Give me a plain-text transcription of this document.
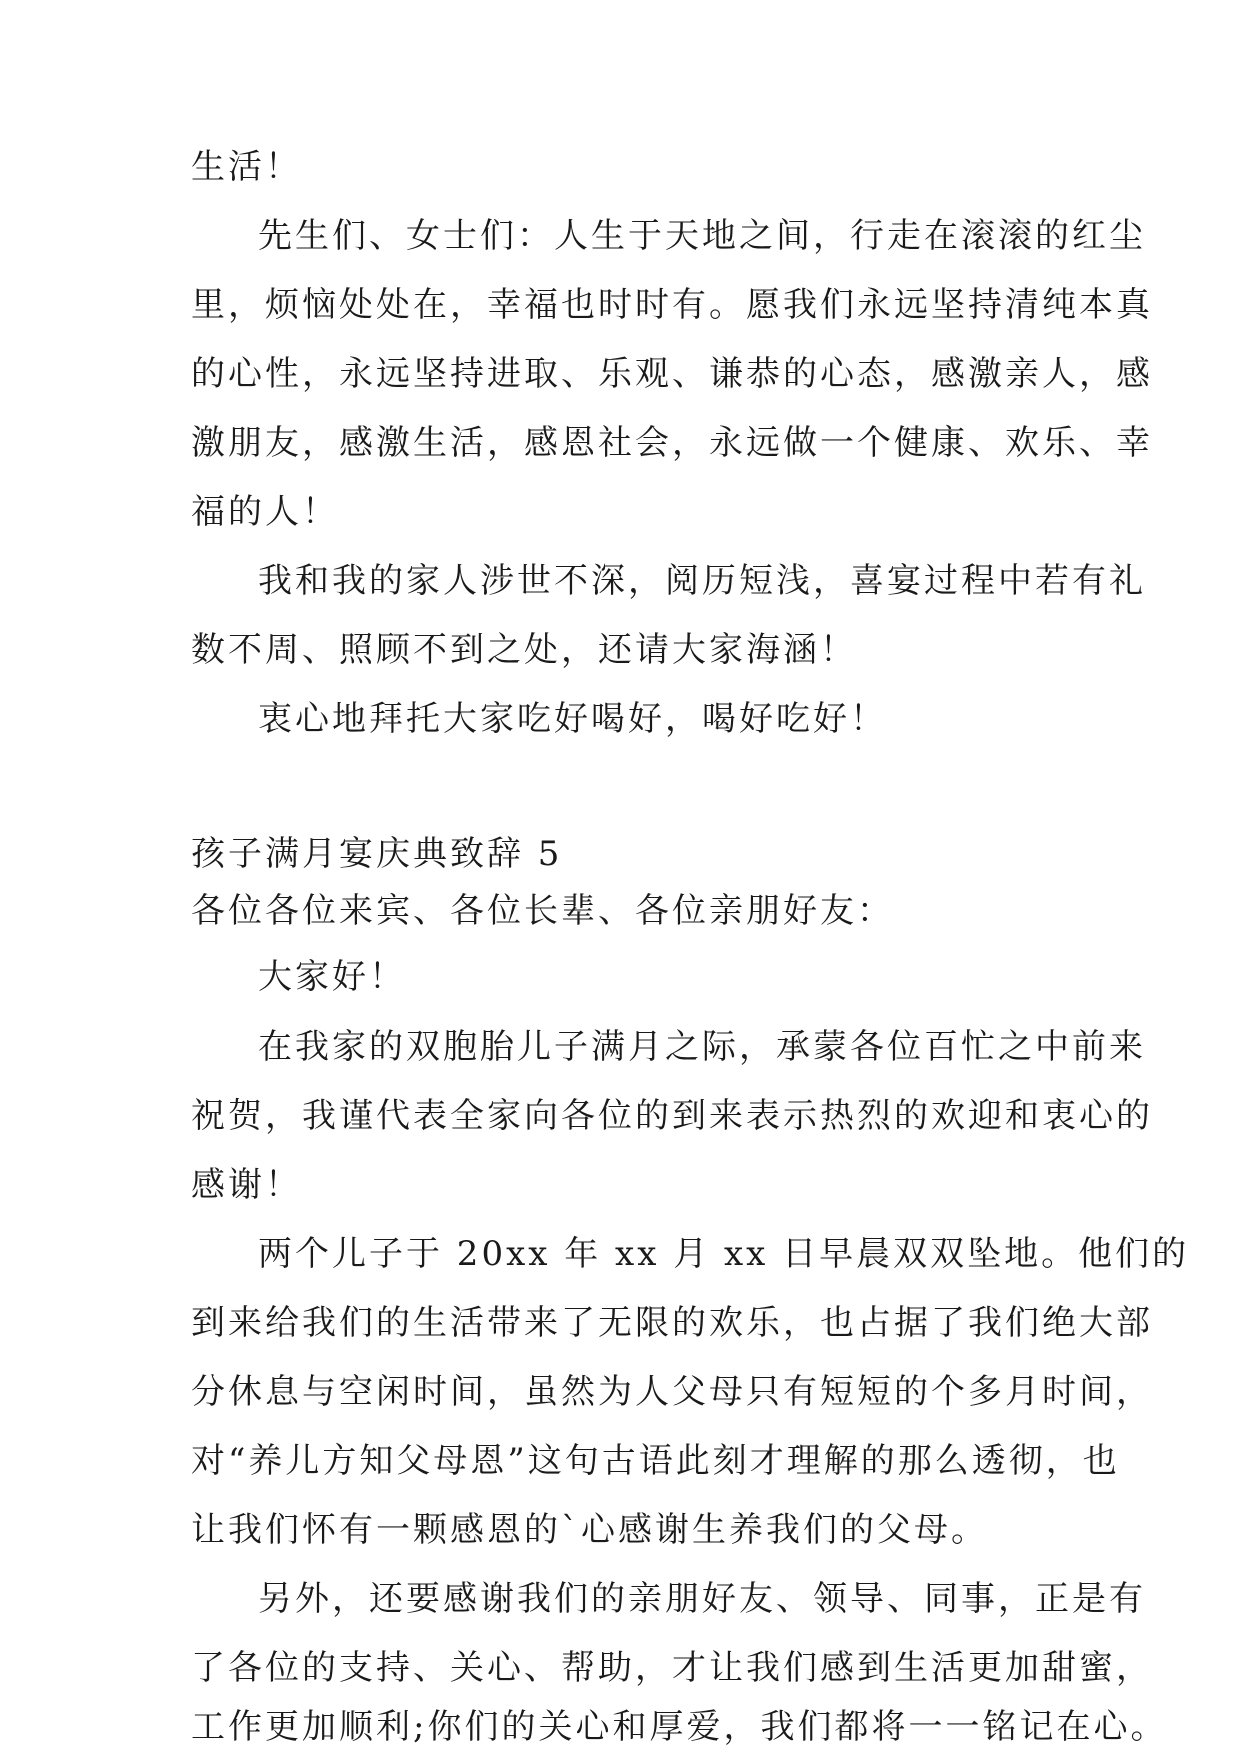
生活！
先生们、女士们：人生于天地之间，行走在滚滚的红尘
里，烦恼处处在，幸福也时时有。愿我们永远坚持清纯本真
的心性，永远坚持进取、乐观、谦恭的心态，感激亲人，感
激朋友，感激生活，感恩社会，永远做一个健康、欢乐、幸
福的人！
我和我的家人涉世不深，阅历短浅，喜宴过程中若有礼
数不周、照顾不到之处，还请大家海涵！
衷心地拜托大家吃好喝好，喝好吃好！
孩子满月宴庆典致辞 5
各位各位来宾、各位长辈、各位亲朋好友：
大家好！
在我家的双胞胎儿子满月之际，承蒙各位百忙之中前来
祝贺，我谨代表全家向各位的到来表示热烈的欢迎和衷心的
感谢！
两个儿子于 20xx 年 xx 月 xx 日早晨双双坠地。他们的
到来给我们的生活带来了无限的欢乐，也占据了我们绝大部
分休息与空闲时间，虽然为人父母只有短短的个多月时间，
对“养儿方知父母恩”这句古语此刻才理解的那么透彻，也
让我们怀有一颗感恩的`心感谢生养我们的父母。
另外，还要感谢我们的亲朋好友、领导、同事，正是有
了各位的支持、关心、帮助，才让我们感到生活更加甜蜜，
工作更加顺利;你们的关心和厚爱，我们都将一一铭记在心。
